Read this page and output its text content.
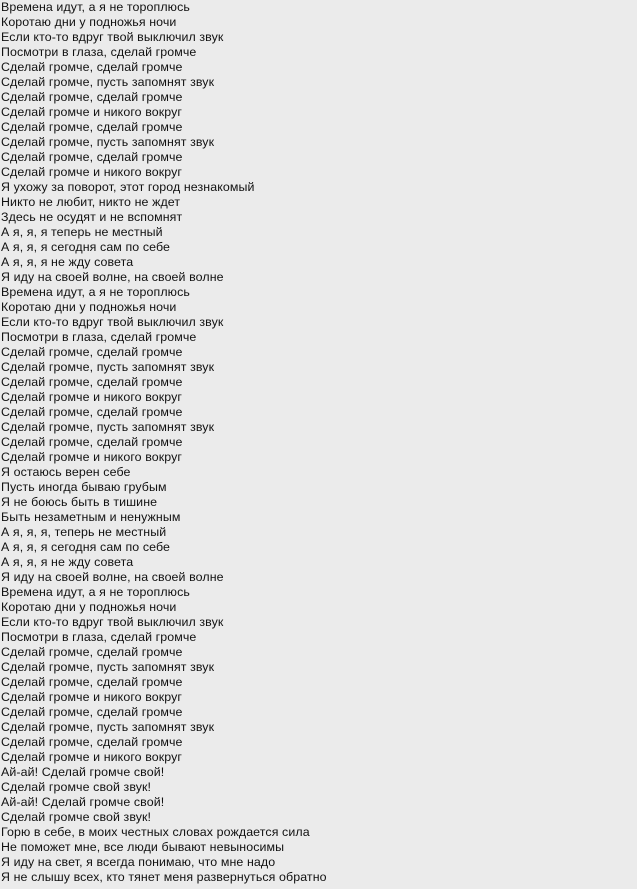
Времена идут, а я не тороплюсь
Коротаю дни у подножья ночи
Если кто-то вдруг твой выключил звук
Посмотри в глаза, сделай громче
Сделай громче, сделай громче
Сделай громче, пусть запомнят звук
Сделай громче, сделай громче
Сделай громче и никого вокруг
Сделай громче, сделай громче
Сделай громче, пусть запомнят звук
Сделай громче, сделай громче
Сделай громче и никого вокруг
Я ухожу за поворот, этот город незнакомый
Никто не любит, никто не ждет
Здесь не осудят и не вспомнят
А я, я, я теперь не местный
А я, я, я сегодня сам по себе
А я, я, я не жду совета
Я иду на своей волне, на своей волне
Времена идут, а я не тороплюсь
Коротаю дни у подножья ночи
Если кто-то вдруг твой выключил звук
Посмотри в глаза, сделай громче
Сделай громче, сделай громче
Сделай громче, пусть запомнят звук
Сделай громче, сделай громче
Сделай громче и никого вокруг
Сделай громче, сделай громче
Сделай громче, пусть запомнят звук
Сделай громче, сделай громче
Сделай громче и никого вокруг
Я остаюсь верен себе
Пусть иногда бываю грубым
Я не боюсь быть в тишине
Быть незаметным и ненужным
А я, я, я, теперь не местный
А я, я, я сегодня сам по себе
А я, я, я не жду совета
Я иду на своей волне, на своей волне
Времена идут, а я не тороплюсь
Коротаю дни у подножья ночи
Если кто-то вдруг твой выключил звук
Посмотри в глаза, сделай громче
Сделай громче, сделай громче
Сделай громче, пусть запомнят звук
Сделай громче, сделай громче
Сделай громче и никого вокруг
Сделай громче, сделай громче
Сделай громче, пусть запомнят звук
Сделай громче, сделай громче
Сделай громче и никого вокруг
Ай-ай! Сделай громче свой!
Сделай громче свой звук!
Ай-ай! Сделай громче свой!
Сделай громче свой звук!
Горю в себе, в моих честных словах рождается сила
Не поможет мне, все люди бывают невыносимы
Я иду на свет, я всегда понимаю, что мне надо
Я не слышу всех, кто тянет меня развернуться обратно
